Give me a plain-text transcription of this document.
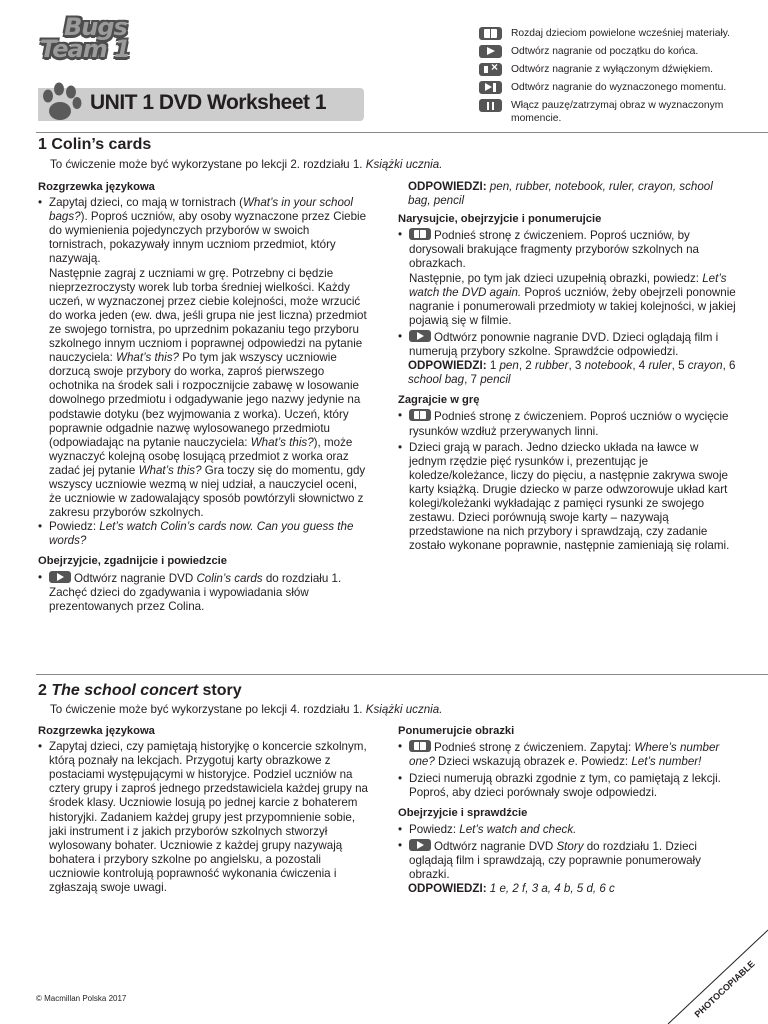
Bugs
Team 1
UNIT 1 DVD Worksheet 1
Rozdaj dzieciom powielone wcześniej materiały.
Odtwórz nagranie od początku do końca.
×
Odtwórz nagranie z wyłączonym dźwiękiem.
Odtwórz nagranie do wyznaczonego momentu.
Włącz pauzę/zatrzymaj obraz w wyznaczonym momencie.
1 Colin’s cards
To ćwiczenie może być wykorzystane po lekcji 2. rozdziału 1. Książki ucznia.

Rozgrzewka językowa

• Zapytaj dzieci, co mają w tornistrach (What’s in your school bags?). Poproś uczniów, aby osoby wyznaczone przez Ciebie do wymienienia pojedynczych przyborów w swoich tornistrach, pokazywały innym uczniom przedmiot, który nazywają.

Następnie zagraj z uczniami w grę. Potrzebny ci będzie nieprzezroczysty worek lub torba średniej wielkości. Każdy uczeń, w wyznaczonej przez ciebie kolejności, może wrzucić do worka jeden (ew. dwa, jeśli grupa nie jest liczna) przedmiot ze swojego tornistra, po uprzednim pokazaniu tego przyboru szkolnego innym uczniom i poprawnej odpowiedzi na pytanie nauczyciela: What’s this? Po tym jak wszyscy uczniowie dorzucą swoje przybory do worka, zaproś pierwszego ochotnika na środek sali i rozpocznijcie zabawę w losowanie dowolnego przedmiotu i odgadywanie jego nazwy jedynie na podstawie dotyku (bez wyjmowania z worka). Uczeń, który poprawnie odgadnie nazwę wylosowanego przedmiotu (odpowiadając na pytanie nauczyciela: What’s this?), może wyznaczyć kolejną osobę losującą przedmiot z worka oraz zadać jej pytanie What’s this? Gra toczy się do momentu, gdy wszyscy uczniowie wezmą w niej udział, a nauczyciel oceni, że uczniowie w zadowalający sposób powtórzyli słownictwo z zakresu przyborów szkolnych.

• Powiedz: Let’s watch Colin’s cards now. Can you guess the words?

Obejrzyjcie, zgadnijcie i powiedzcie

• Odtwórz nagranie DVD Colin’s cards do rozdziału 1. Zachęć dzieci do zgadywania i wypowiadania słów prezentowanych przez Colina.

ODPOWIEDZI: pen, rubber, notebook, ruler, crayon, school bag, pencil

Narysujcie, obejrzyjcie i ponumerujcie

• Podnieś stronę z ćwiczeniem. Poproś uczniów, by dorysowali brakujące fragmenty przyborów szkolnych na obrazkach.
Następnie, po tym jak dzieci uzupełnią obrazki, powiedz: Let’s watch the DVD again. Poproś uczniów, żeby obejrzeli ponownie nagranie i ponumerowali przedmioty w takiej kolejności, w jakiej pojawią się w filmie.
• Odtwórz ponownie nagranie DVD. Dzieci oglądają film i numerują przybory szkolne. Sprawdźcie odpowiedzi.

ODPOWIEDZI: 1 pen, 2 rubber, 3 notebook, 4 ruler, 5 crayon, 6 school bag, 7 pencil

Zagrajcie w grę

• Podnieś stronę z ćwiczeniem. Poproś uczniów o wycięcie rysunków wzdłuż przerywanych linni.
• Dzieci grają w parach. Jedno dziecko układa na ławce w jednym rzędzie pięć rysunków i, prezentując je koledze/koleżance, liczy do pięciu, a następnie zakrywa swoje karty książką. Drugie dziecko w parze odwzorowuje układ kart kolegi/koleżanki wykładając z pamięci rysunki ze swojego zestawu. Dzieci porównują swoje karty – nazywają przedstawione na nich przybory i sprawdzają, czy zadanie zostało wykonane poprawnie, następnie zamieniają się rolami.
2 The school concert story
To ćwiczenie może być wykorzystane po lekcji 4. rozdziału 1. Książki ucznia.

Rozgrzewka językowa

• Zapytaj dzieci, czy pamiętają historyjkę o koncercie szkolnym, którą poznały na lekcjach. Przygotuj karty obrazkowe z postaciami występującymi w historyjce. Podziel uczniów na cztery grupy i zaproś jednego przedstawiciela każdej grupy na środek klasy. Uczniowie losują po jednej karcie z bohaterem historyjki. Zadaniem każdej grupy jest przypomnienie sobie, jaki instrument i z jakich przyborów szkolnych stworzył wylosowany bohater. Uczniowie z każdej grupy nazywają bohatera i przybory szkolne po angielsku, a pozostali uczniowie kontrolują poprawność wykonania ćwiczenia i zgłaszają swoje uwagi.

Ponumerujcie obrazki

• Podnieś stronę z ćwiczeniem. Zapytaj: Where’s number one? Dzieci wskazują obrazek e. Powiedz: Let’s number!
• Dzieci numerują obrazki zgodnie z tym, co pamiętają z lekcji. Poproś, aby dzieci porównały swoje odpowiedzi.

Obejrzyjcie i sprawdźcie

• Powiedz: Let’s watch and check.
• Odtwórz nagranie DVD Story do rozdziału 1. Dzieci oglądają film i sprawdzają, czy poprawnie ponumerowały obrazki.

ODPOWIEDZI: 1 e, 2 f, 3 a, 4 b, 5 d, 6 c

© Macmillan Polska 2017	PHOTOCOPIABLE
